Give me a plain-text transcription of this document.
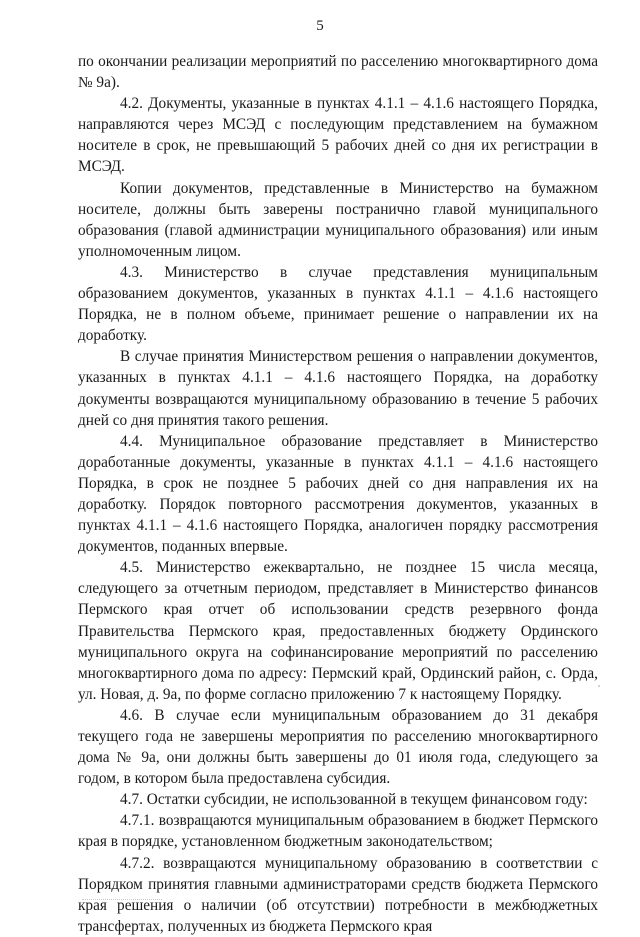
5

по окончании реализации мероприятий по расселению многоквартирного дома № 9а).

4.2. Документы, указанные в пунктах 4.1.1 – 4.1.6 настоящего Порядка, направляются через МСЭД с последующим представлением на бумажном носителе в срок, не превышающий 5 рабочих дней со дня их регистрации в МСЭД.

Копии документов, представленные в Министерство на бумажном носителе, должны быть заверены постранично главой муниципального образования (главой администрации муниципального образования) или иным уполномоченным лицом.

4.3. Министерство в случае представления муниципальным образованием документов, указанных в пунктах 4.1.1 – 4.1.6 настоящего Порядка, не в полном объеме, принимает решение о направлении их на доработку.

В случае принятия Министерством решения о направлении документов, указанных в пунктах 4.1.1 – 4.1.6 настоящего Порядка, на доработку документы возвращаются муниципальному образованию в течение 5 рабочих дней со дня принятия такого решения.

4.4. Муниципальное образование представляет в Министерство доработанные документы, указанные в пунктах 4.1.1 – 4.1.6 настоящего Порядка, в срок не позднее 5 рабочих дней со дня направления их на доработку. Порядок повторного рассмотрения документов, указанных в пунктах 4.1.1 – 4.1.6 настоящего Порядка, аналогичен порядку рассмотрения документов, поданных впервые.

4.5. Министерство ежеквартально, не позднее 15 числа месяца, следующего за отчетным периодом, представляет в Министерство финансов Пермского края отчет об использовании средств резервного фонда Правительства Пермского края, предоставленных бюджету Ординского муниципального округа на софинансирование мероприятий по расселению многоквартирного дома по адресу: Пермский край, Ординский район, с. Орда, ул. Новая, д. 9а, по форме согласно приложению 7 к настоящему Порядку.

4.6. В случае если муниципальным образованием до 31 декабря текущего года не завершены мероприятия по расселению многоквартирного дома № 9а, они должны быть завершены до 01 июля года, следующего за годом, в котором была предоставлена субсидия.

4.7. Остатки субсидии, не использованной в текущем финансовом году:

4.7.1. возвращаются муниципальным образованием в бюджет Пермского края в порядке, установленном бюджетным законодательством;

4.7.2. возвращаются муниципальному образованию в соответствии с Порядком принятия главными администраторами средств бюджета Пермского края решения о наличии (об отсутствии) потребности в межбюджетных трансфертах, полученных из бюджета Пермского края
